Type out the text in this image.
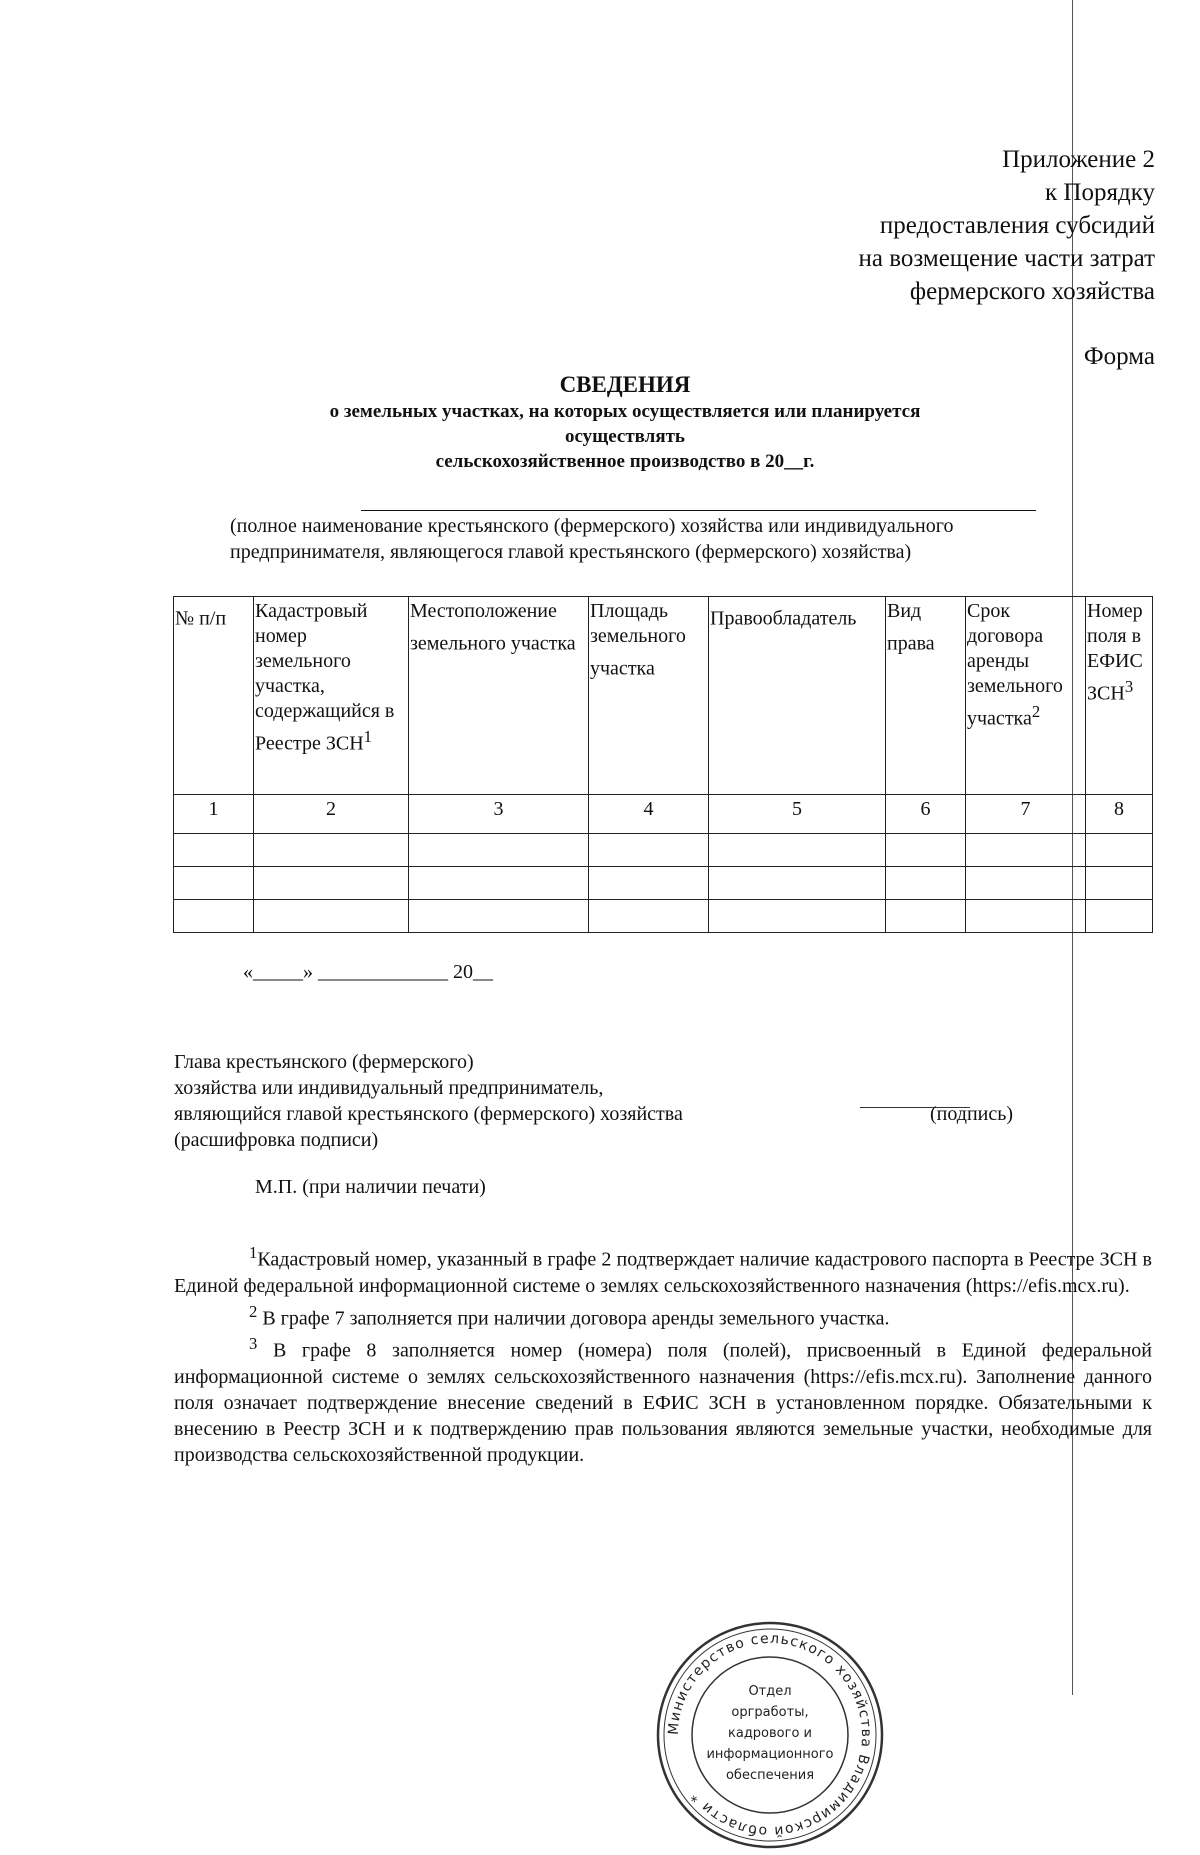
Приложение 2
к Порядку
предоставления субсидий
на возмещение части затрат
фермерского хозяйства
Форма
СВЕДЕНИЯ
о земельных участках, на которых осуществляется или планируется
осуществлять
сельскохозяйственное производство в 20__г.
(полное наименование крестьянского (фермерского) хозяйства или индивидуального
предпринимателя, являющегося главой крестьянского (фермерского) хозяйства)
№ п/п	Кадастровый номер земельного участка, содержащийся в Реестре ЗСН$^1$	Местоположение земельного участка	Площадь земельного участка	Правообладатель	Вид права	Срок договора аренды земельного участка$^2$	Номер поля в ЕФИС ЗСН$^3$
1	2	3	4	5	6	7	8

«_____» _____________ 20__
Глава крестьянского (фермерского)
хозяйства или индивидуальный предприниматель,
являющийся главой крестьянского (фермерского) хозяйства
(расшифровка подписи)
(подпись)
М.П. (при наличии печати)

$^1$Кадастровый номер, указанный в графе 2 подтверждает наличие кадастрового паспорта в Реестре ЗСН в Единой федеральной информационной системе о землях сельскохозяйственного назначения (https://efis.mcx.ru).

$^2$ В графе 7 заполняется при наличии договора аренды земельного участка.

$^3$ В графе 8 заполняется номер (номера) поля (полей), присвоенный в Единой федеральной информационной системе о землях сельскохозяйственного назначения (https://efis.mcx.ru). Заполнение данного поля означает подтверждение внесение сведений в ЕФИС ЗСН в установленном порядке. Обязательными к внесению в Реестр ЗСН и к подтверждению прав пользования являются земельные участки, необходимые для производства сельскохозяйственной продукции.

Министерство сельского хозяйства Владимирской области *
Отдел
оргработы,
кадрового и
информационного
обеспечения
